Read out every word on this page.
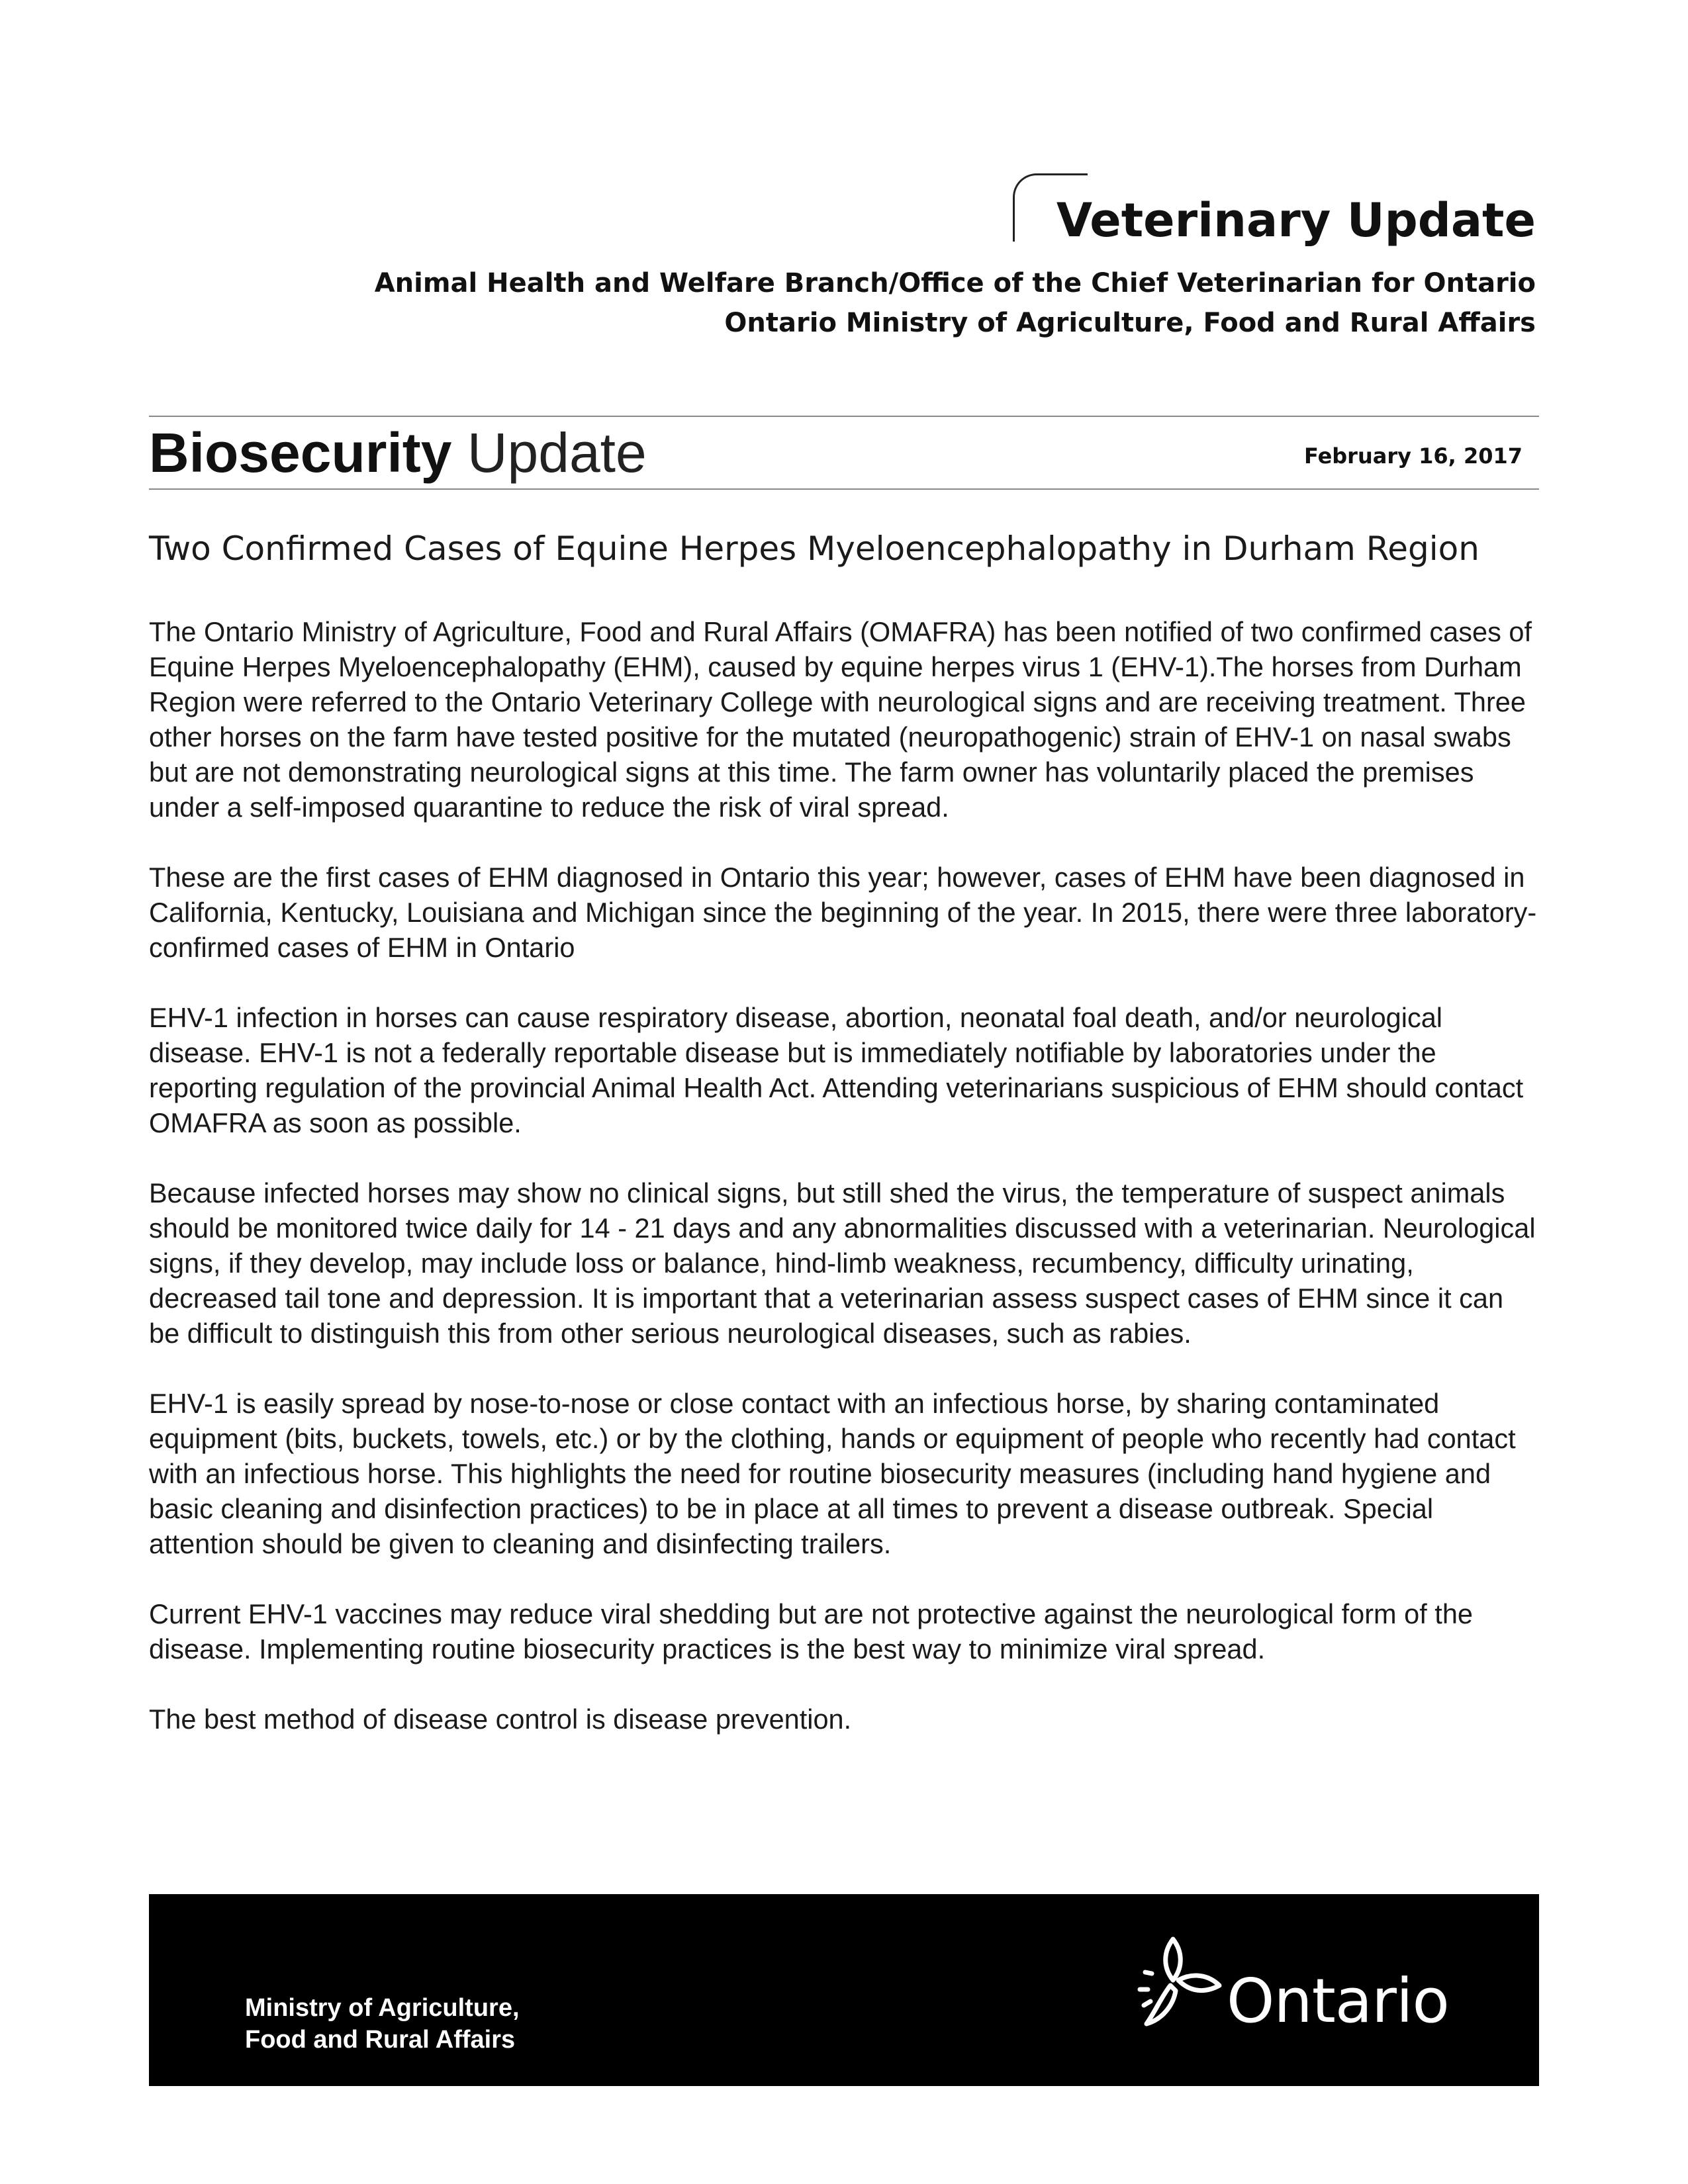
Veterinary Update
Animal Health and Welfare Branch/Office of the Chief Veterinarian for Ontario
Ontario Ministry of Agriculture, Food and Rural Affairs
Biosecurity Update	February 16, 2017
Two Confirmed Cases of Equine Herpes Myeloencephalopathy in Durham Region

The Ontario Ministry of Agriculture, Food and Rural Affairs (OMAFRA) has been notified of two confirmed cases of Equine Herpes Myeloencephalopathy (EHM), caused by equine herpes virus 1 (EHV-1).The horses from Durham Region were referred to the Ontario Veterinary College with neurological signs and are receiving treatment. Three other horses on the farm have tested positive for the mutated (neuropathogenic) strain of EHV-1 on nasal swabs but are not demonstrating neurological signs at this time. The farm owner has voluntarily placed the premises under a self-imposed quarantine to reduce the risk of viral spread.

These are the first cases of EHM diagnosed in Ontario this year; however, cases of EHM have been diagnosed in California, Kentucky, Louisiana and Michigan since the beginning of the year. In 2015, there were three laboratory-confirmed cases of EHM in Ontario

EHV-1 infection in horses can cause respiratory disease, abortion, neonatal foal death, and/or neurological disease. EHV-1 is not a federally reportable disease but is immediately notifiable by laboratories under the reporting regulation of the provincial Animal Health Act. Attending veterinarians suspicious of EHM should contact OMAFRA as soon as possible.

Because infected horses may show no clinical signs, but still shed the virus, the temperature of suspect animals should be monitored twice daily for 14 - 21 days and any abnormalities discussed with a veterinarian. Neurological signs, if they develop, may include loss or balance, hind-limb weakness, recumbency, difficulty urinating, decreased tail tone and depression. It is important that a veterinarian assess suspect cases of EHM since it can be difficult to distinguish this from other serious neurological diseases, such as rabies.

EHV-1 is easily spread by nose-to-nose or close contact with an infectious horse, by sharing contaminated equipment (bits, buckets, towels, etc.) or by the clothing, hands or equipment of people who recently had contact with an infectious horse. This highlights the need for routine biosecurity measures (including hand hygiene and basic cleaning and disinfection practices) to be in place at all times to prevent a disease outbreak. Special attention should be given to cleaning and disinfecting trailers.

Current EHV-1 vaccines may reduce viral shedding but are not protective against the neurological form of the disease. Implementing routine biosecurity practices is the best way to minimize viral spread.

The best method of disease control is disease prevention.

Ministry of Agriculture,
Food and Rural Affairs
Ontario
